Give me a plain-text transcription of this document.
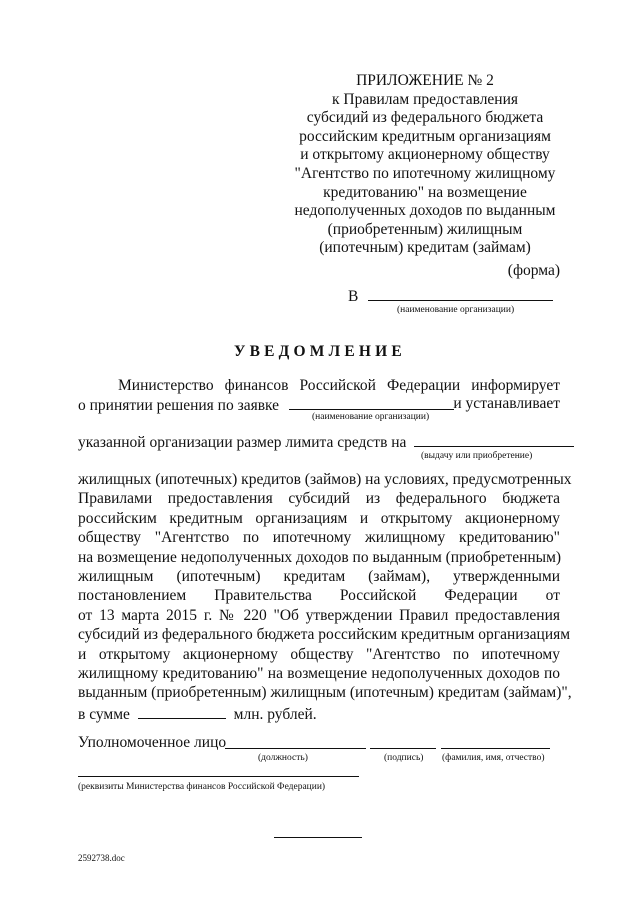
ПРИЛОЖЕНИЕ № 2
к Правилам предоставления
субсидий из федерального бюджета
российским кредитным организациям
и открытому акционерному обществу
"Агентство по ипотечному жилищному
кредитованию" на возмещение
недополученных доходов по выданным
(приобретенным) жилищным
(ипотечным) кредитам (займам)
(форма)
В
(наименование организации)
УВЕДОМЛЕНИЕ
Министерство финансов Российской Федерации информирует
о принятии решения по заявке	и устанавливает
(наименование организации)
указанной организации размер лимита средств на
(выдачу или приобретение)
жилищных (ипотечных) кредитов (займов) на условиях, предусмотренных
Правилами предоставления субсидий из федерального бюджета
российским кредитным организациям и открытому акционерному
обществу "Агентство по ипотечному жилищному кредитованию"
на возмещение недополученных доходов по выданным (приобретенным)
жилищным (ипотечным) кредитам (займам), утвержденными
постановлением Правительства Российской Федерации от
от 13 марта 2015 г. № 220 "Об утверждении Правил предоставления
субсидий из федерального бюджета российским кредитным организациям
и открытому акционерному обществу "Агентство по ипотечному
жилищному кредитованию" на возмещение недополученных доходов по
выданным (приобретенным) жилищным (ипотечным) кредитам (займам)",
в сумме	млн. рублей.
Уполномоченное лицо
(должность)	(подпись) (фамилия, имя, отчество)
(реквизиты Министерства финансов Российской Федерации)
2592738.doc
